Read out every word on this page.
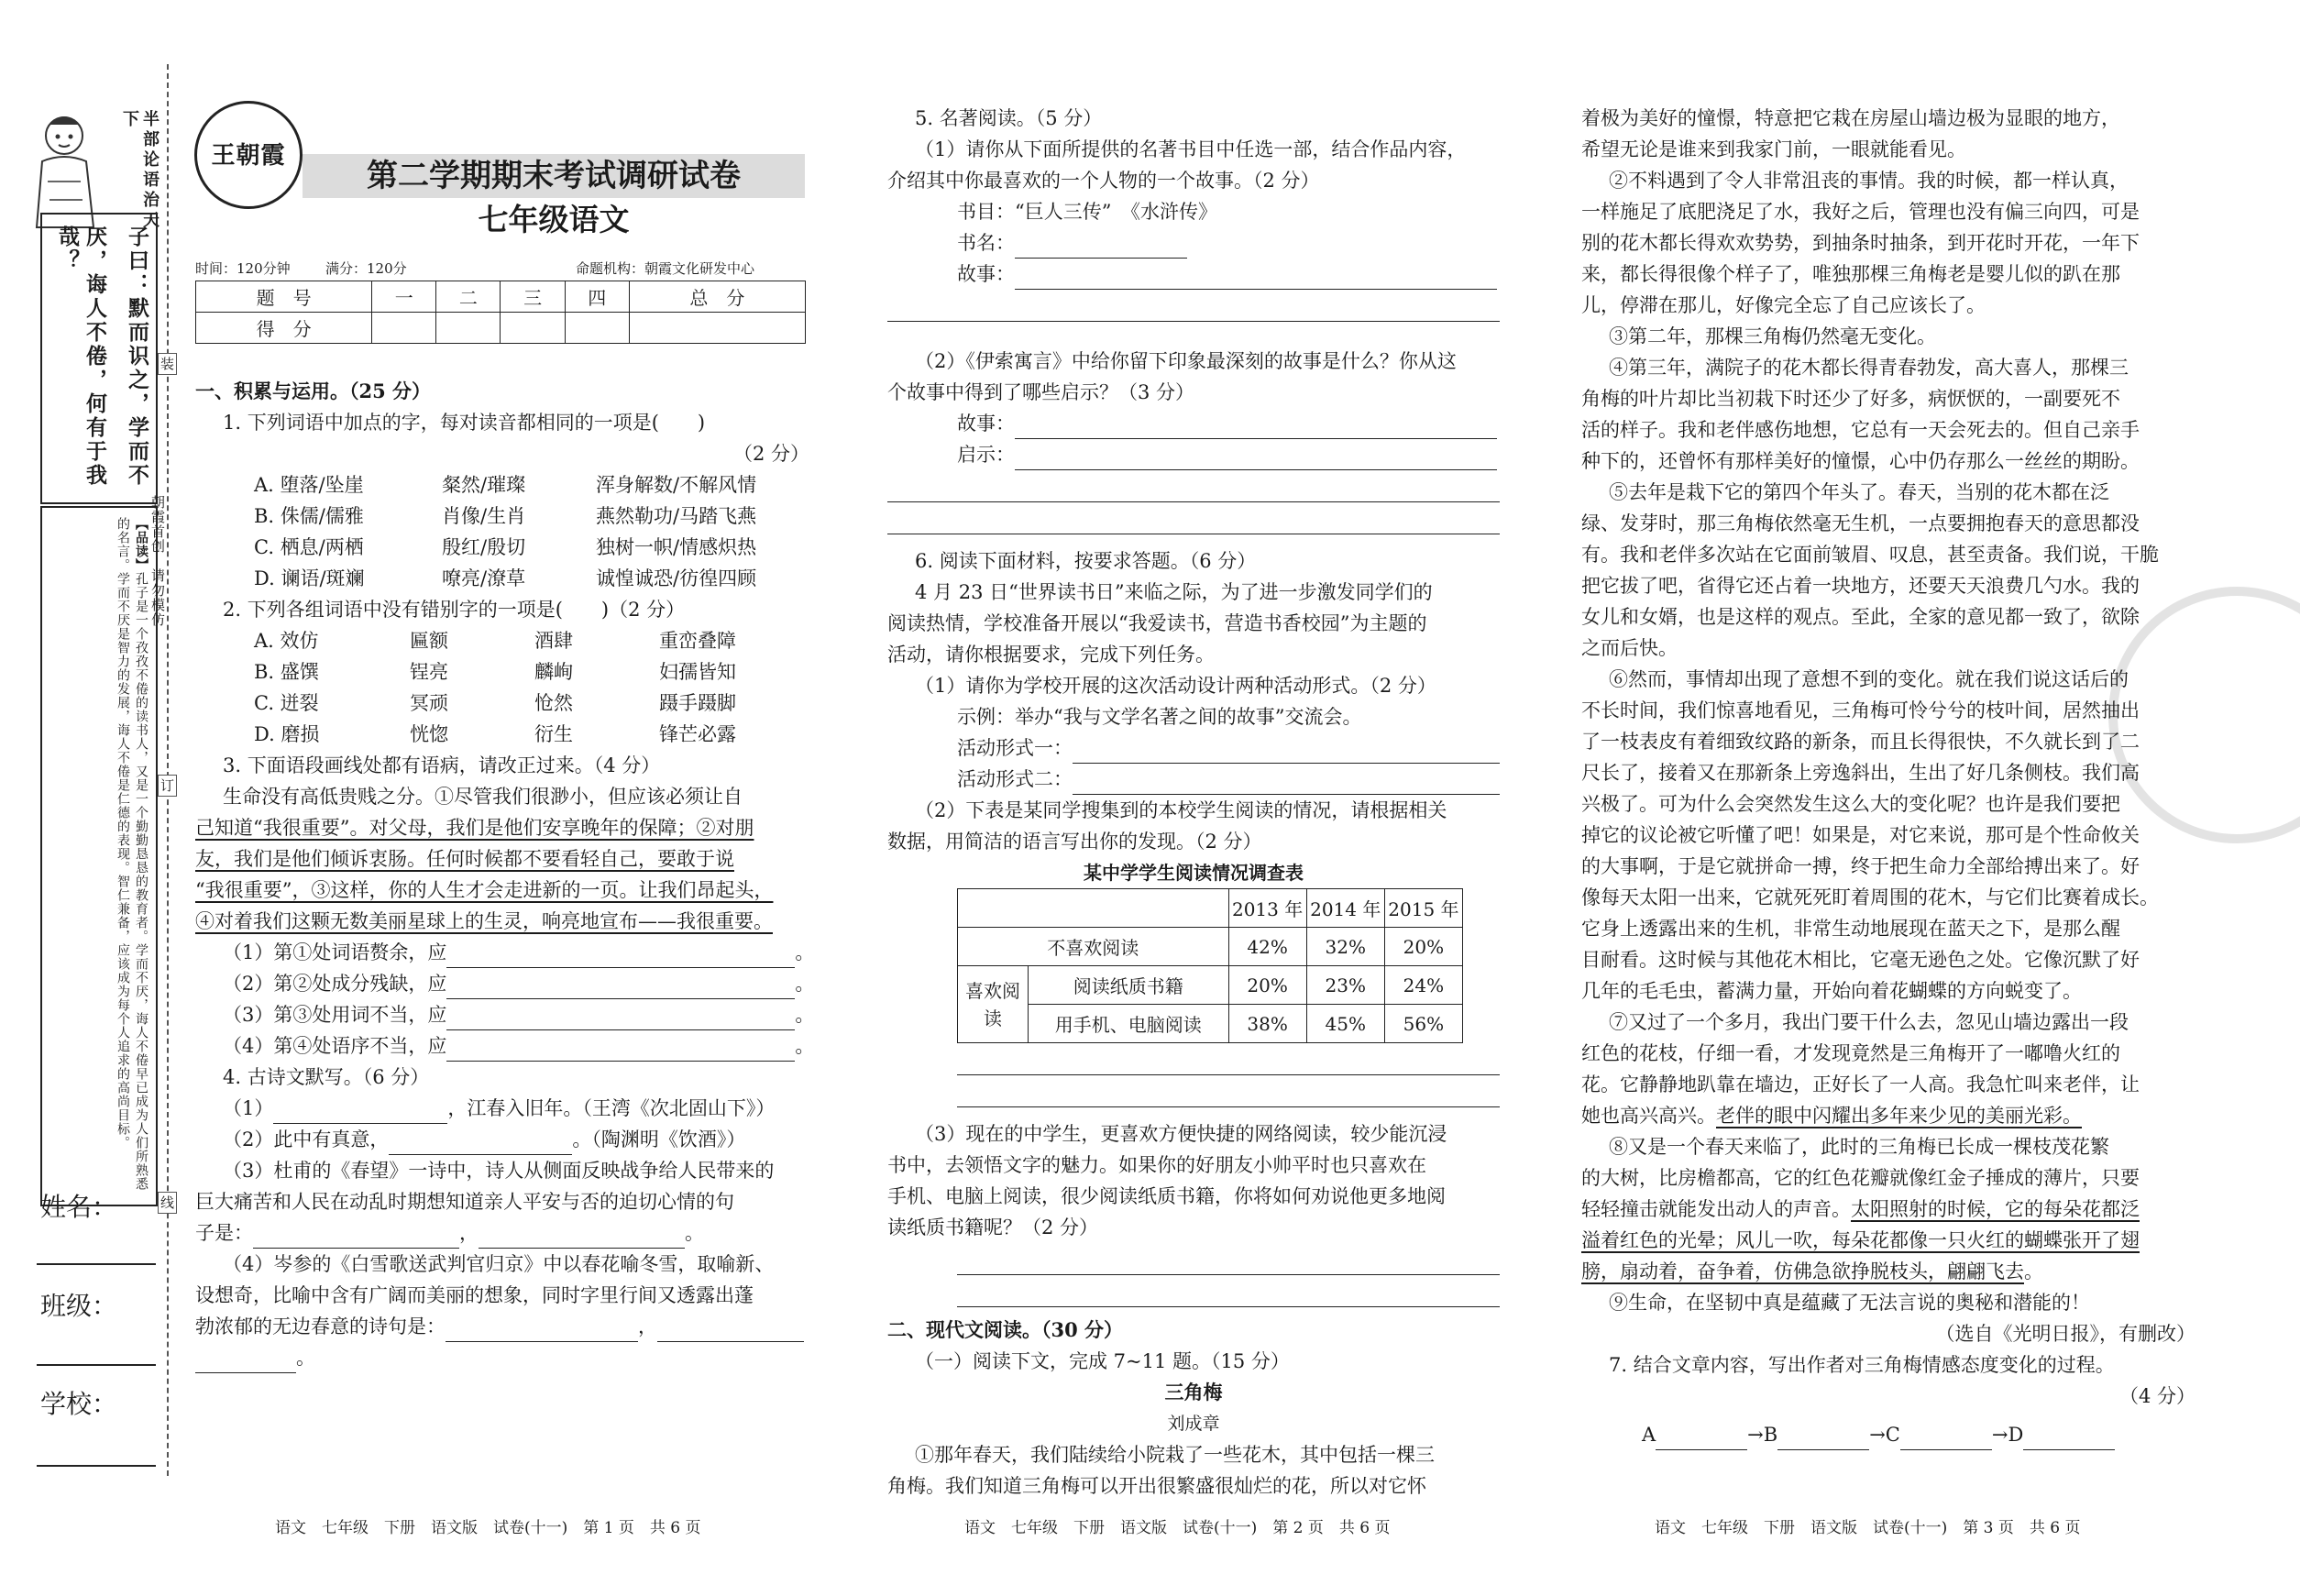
半部论语治天下
子曰：默而识之，学而不
厌，诲人不倦，何有于我哉？
【品读】孔子是一个孜孜不倦的读书人，又是一个勤勤恳恳的教育者。学而不厌，诲人不倦早已成为人们所熟悉的名言。学而不厌是智力的发展，诲人不倦是仁德的表现。智仁兼备，应该成为每个人追求的高尚目标。
姓名：
班级：
学校：
朝霞首创　请勿模仿
装
订
线
王朝霞
第二学期期末考试调研试卷
七年级语文
时间：120分钟	满分：120分	命题机构：朝霞文化研发中心
题　号	一	二	三	四	总　分
得　分					

一、积累与运用。（25 分）

1. 下列词语中加点的字，每对读音都相同的一项是(　　)

（2 分）

A. 堕落/坠崖	粲然/璀璨	浑身解数/不解风情
B. 侏儒/儒雅	肖像/生肖	燕然勒功/马踏飞燕
C. 栖息/两栖	殷红/殷切	独树一帜/情感炽热
D. 谰语/斑斓	嘹亮/潦草	诚惶诚恐/彷徨四顾

2. 下列各组词语中没有错别字的一项是(　　)（2 分）

A. 效仿	匾额	酒肆	重峦叠障
B. 盛馔	锃亮	麟峋	妇孺皆知
C. 迸裂	冥顽	怆然	蹑手蹑脚
D. 磨损	恍惚	衍生	锋芒必露

3. 下面语段画线处都有语病，请改正过来。（4 分）

生命没有高低贵贱之分。①尽管我们很渺小，但应该必须让自

己知道“我很重要”。对父母，我们是他们安享晚年的保障；②对朋

友，我们是他们倾诉衷肠。任何时候都不要看轻自己，要敢于说

“我很重要”，③这样，你的人生才会走进新的一页。让我们昂起头，

④对着我们这颗无数美丽星球上的生灵，响亮地宣布——我很重要。

（1）第①处词语赘余，应	。
（2）第②处成分残缺，应	。
（3）第③处用词不当，应	。
（4）第④处语序不当，应	。

4. 古诗文默写。（6 分）

（1）	，江春入旧年。（王湾《次北固山下》）
（2）此中有真意，	。（陶渊明《饮酒》）

（3）杜甫的《春望》一诗中，诗人从侧面反映战争给人民带来的

巨大痛苦和人民在动乱时期想知道亲人平安与否的迫切心情的句

子是：	，	。

（4）岑参的《白雪歌送武判官归京》中以春花喻冬雪，取喻新、

设想奇，比喻中含有广阔而美丽的想象，同时字里行间又透露出蓬

勃浓郁的无边春意的诗句是：	，
。
语文　七年级　下册　语文版　试卷(十一)　第 1 页　共 6 页

5. 名著阅读。（5 分）

（1）请你从下面所提供的名著书目中任选一部，结合作品内容，

介绍其中你最喜欢的一个人物的一个故事。（2 分）

书目：“巨人三传”　《水浒传》

书名：
故事：

（2）《伊索寓言》中给你留下印象最深刻的故事是什么？你从这

个故事中得到了哪些启示？（3 分）

故事：
启示：

6. 阅读下面材料，按要求答题。（6 分）

4 月 23 日“世界读书日”来临之际，为了进一步激发同学们的

阅读热情，学校准备开展以“我爱读书，营造书香校园”为主题的

活动，请你根据要求，完成下列任务。

（1）请你为学校开展的这次活动设计两种活动形式。（2 分）

示例：举办“我与文学名著之间的故事”交流会。

活动形式一：
活动形式二：

（2）下表是某同学搜集到的本校学生阅读的情况，请根据相关

数据，用简洁的语言写出你的发现。（2 分）

某中学学生阅读情况调查表

		2013 年	2014 年	2015 年
不喜欢阅读		42%	32%	20%
喜欢阅读	阅读纸质书籍	20%	23%	24%
	用手机、电脑阅读	38%	45%	56%

（3）现在的中学生，更喜欢方便快捷的网络阅读，较少能沉浸

书中，去领悟文字的魅力。如果你的好朋友小帅平时也只喜欢在

手机、电脑上阅读，很少阅读纸质书籍，你将如何劝说他更多地阅

读纸质书籍呢？（2 分）

二、现代文阅读。（30 分）

（一）阅读下文，完成 7~11 题。（15 分）

三角梅

刘成章

①那年春天，我们陆续给小院栽了一些花木，其中包括一棵三

角梅。我们知道三角梅可以开出很繁盛很灿烂的花，所以对它怀

语文　七年级　下册　语文版　试卷(十一)　第 2 页　共 6 页

着极为美好的憧憬，特意把它栽在房屋山墙边极为显眼的地方，

希望无论是谁来到我家门前，一眼就能看见。

②不料遇到了令人非常沮丧的事情。我的时候，都一样认真，

一样施足了底肥浇足了水，我好之后，管理也没有偏三向四，可是

别的花木都长得欢欢势势，到抽条时抽条，到开花时开花，一年下

来，都长得很像个样子了，唯独那棵三角梅老是婴儿似的趴在那

儿，停滞在那儿，好像完全忘了自己应该长了。

③第二年，那棵三角梅仍然毫无变化。

④第三年，满院子的花木都长得青春勃发，高大喜人，那棵三

角梅的叶片却比当初栽下时还少了好多，病恹恹的，一副要死不

活的样子。我和老伴感伤地想，它总有一天会死去的。但自己亲手

种下的，还曾怀有那样美好的憧憬，心中仍存那么一丝丝的期盼。

⑤去年是栽下它的第四个年头了。春天，当别的花木都在泛

绿、发芽时，那三角梅依然毫无生机，一点要拥抱春天的意思都没

有。我和老伴多次站在它面前皱眉、叹息，甚至责备。我们说，干脆

把它拔了吧，省得它还占着一块地方，还要天天浪费几勺水。我的

女儿和女婿，也是这样的观点。至此，全家的意见都一致了，欲除

之而后快。

⑥然而，事情却出现了意想不到的变化。就在我们说这话后的

不长时间，我们惊喜地看见，三角梅可怜兮兮的枝叶间，居然抽出

了一枝表皮有着细致纹路的新条，而且长得很快，不久就长到了二

尺长了，接着又在那新条上旁逸斜出，生出了好几条侧枝。我们高

兴极了。可为什么会突然发生这么大的变化呢？也许是我们要把

掉它的议论被它听懂了吧！如果是，对它来说，那可是个性命攸关

的大事啊，于是它就拼命一搏，终于把生命力全部给搏出来了。好

像每天太阳一出来，它就死死盯着周围的花木，与它们比赛着成长。

它身上透露出来的生机，非常生动地展现在蓝天之下，是那么醒

目耐看。这时候与其他花木相比，它毫无逊色之处。它像沉默了好

几年的毛毛虫，蓄满力量，开始向着花蝴蝶的方向蜕变了。

⑦又过了一个多月，我出门要干什么去，忽见山墙边露出一段

红色的花枝，仔细一看，才发现竟然是三角梅开了一嘟噜火红的

花。它静静地趴靠在墙边，正好长了一人高。我急忙叫来老伴，让

她也高兴高兴。老伴的眼中闪耀出多年来少见的美丽光彩。

⑧又是一个春天来临了，此时的三角梅已长成一棵枝茂花繁

的大树，比房檐都高，它的红色花瓣就像红金子捶成的薄片，只要

轻轻撞击就能发出动人的声音。太阳照射的时候，它的每朵花都泛

溢着红色的光晕；风儿一吹，每朵花都像一只火红的蝴蝶张开了翅

膀，扇动着，奋争着，仿佛急欲挣脱枝头，翩翩飞去。

⑨生命，在坚韧中真是蕴藏了无法言说的奥秘和潜能的！

（选自《光明日报》，有删改）

7. 结合文章内容，写出作者对三角梅情感态度变化的过程。

（4 分）

A	→B	→C	→D
语文　七年级　下册　语文版　试卷(十一)　第 3 页　共 6 页
